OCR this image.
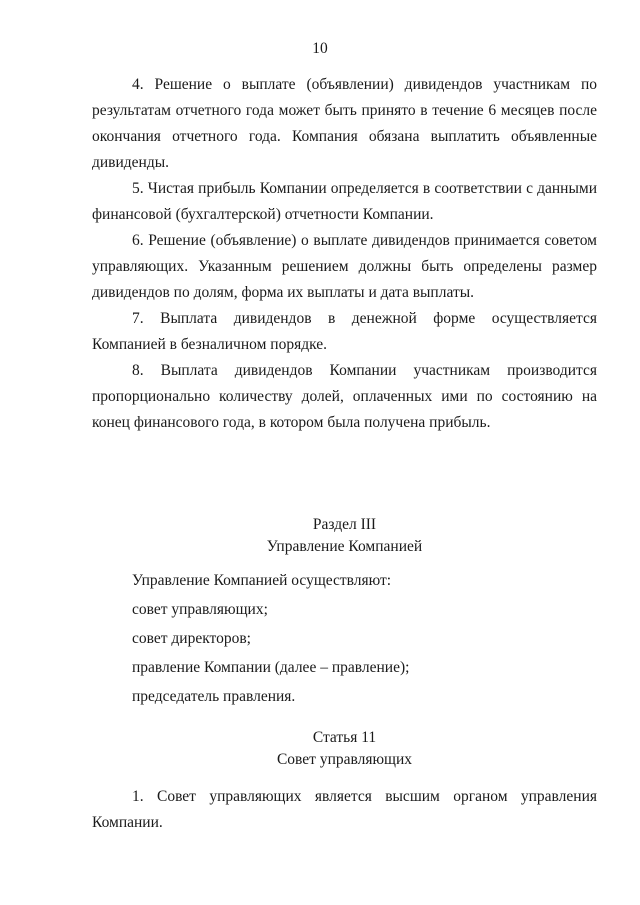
10

4. Решение о выплате (объявлении) дивидендов участникам по результатам отчетного года может быть принято в течение 6 месяцев после окончания отчетного года. Компания обязана выплатить объявленные дивиденды.

5. Чистая прибыль Компании определяется в соответствии с данными финансовой (бухгалтерской) отчетности Компании.

6. Решение (объявление) о выплате дивидендов принимается советом управляющих. Указанным решением должны быть определены размер дивидендов по долям, форма их выплаты и дата выплаты.

7. Выплата дивидендов в денежной форме осуществляется Компанией в безналичном порядке.

8. Выплата дивидендов Компании участникам производится пропорционально количеству долей, оплаченных ими по состоянию на конец финансового года, в котором была получена прибыль.

Раздел III
Управление Компанией
Управление Компанией осуществляют:
совет управляющих;
совет директоров;
правление Компании (далее – правление);
председатель правления.
Статья 11
Совет управляющих

1. Совет управляющих является высшим органом управления Компании.
